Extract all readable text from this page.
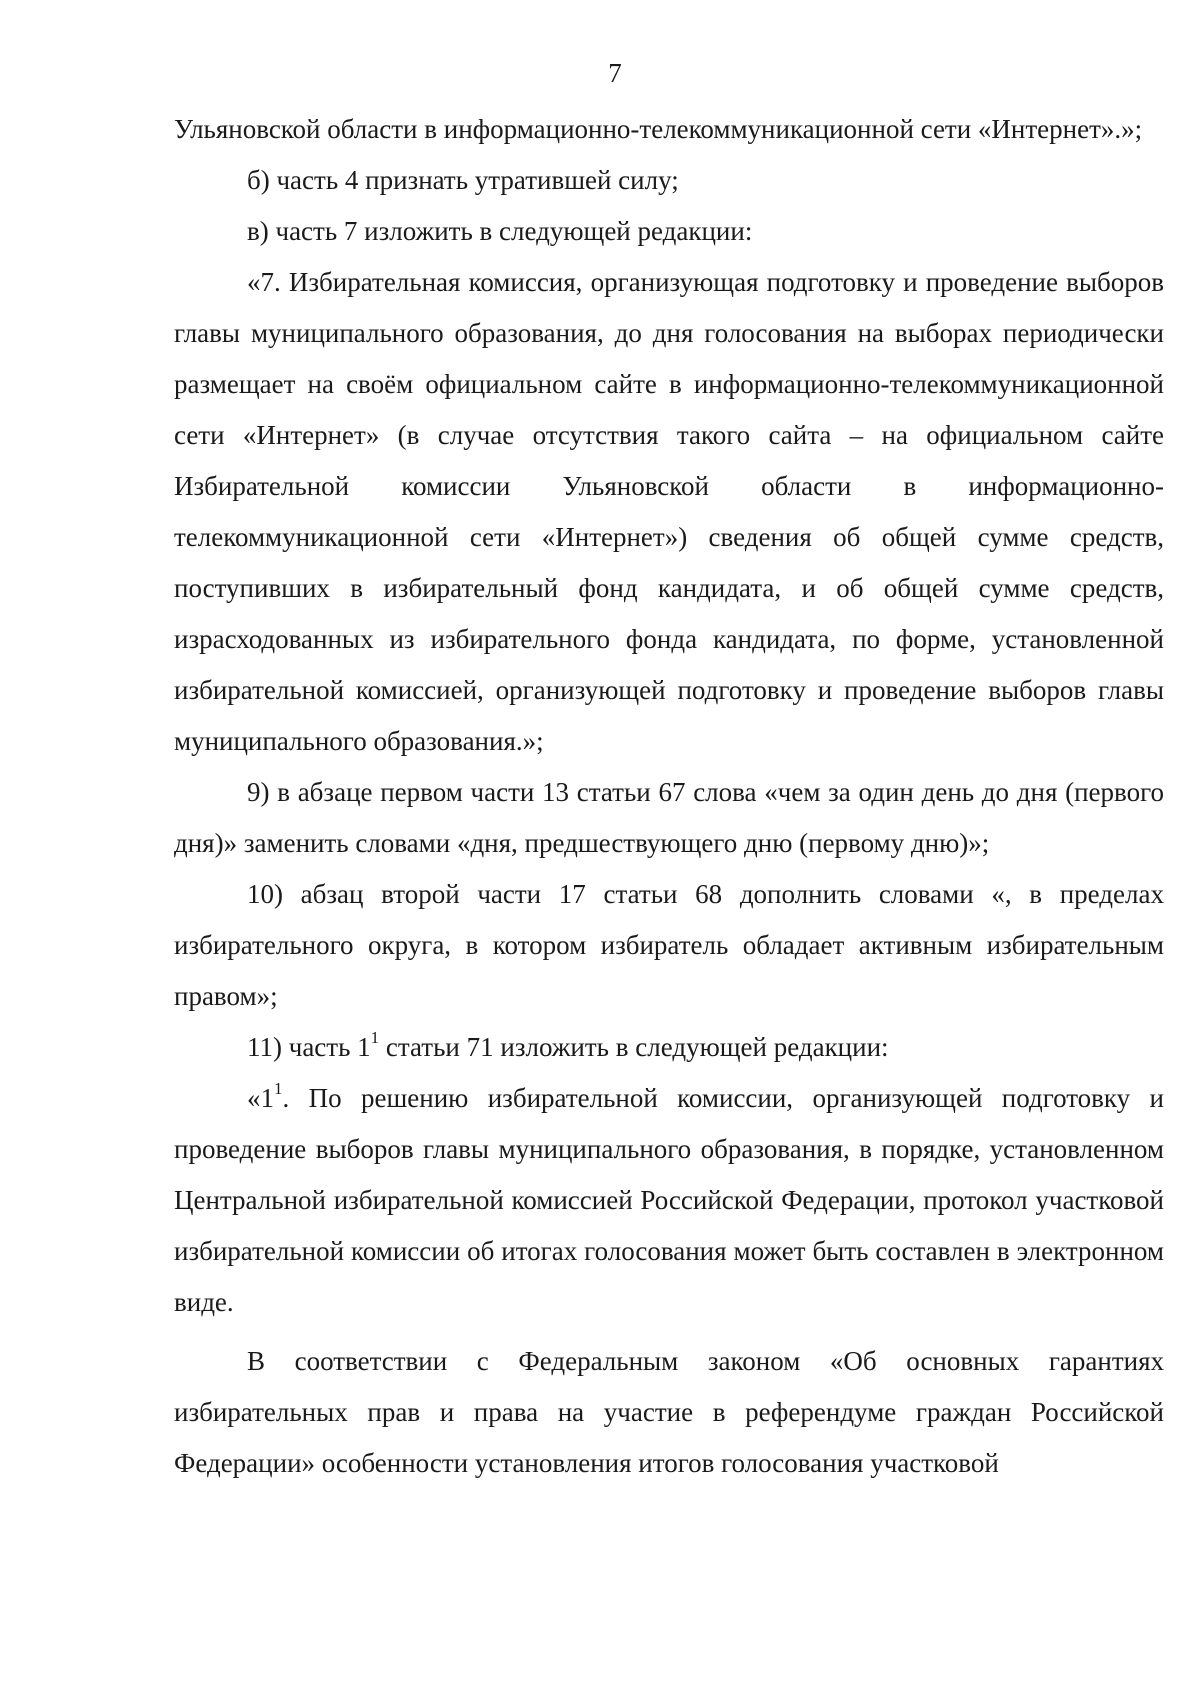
7

Ульяновской области в информационно-телекоммуникационной сети «Интернет».»;

б) часть 4 признать утратившей силу;

в) часть 7 изложить в следующей редакции:

«7. Избирательная комиссия, организующая подготовку и проведение выборов главы муниципального образования, до дня голосования на выборах периодически размещает на своём официальном сайте в информационно-телекоммуникационной сети «Интернет» (в случае отсутствия такого сайта – на официальном сайте Избирательной комиссии Ульяновской области в информационно-телекоммуникационной сети «Интернет») сведения об общей сумме средств, поступивших в избирательный фонд кандидата, и об общей сумме средств, израсходованных из избирательного фонда кандидата, по форме, установленной избирательной комиссией, организующей подготовку и проведение выборов главы муниципального образования.»;

9) в абзаце первом части 13 статьи 67 слова «чем за один день до дня (первого дня)» заменить словами «дня, предшествующего дню (первому дню)»;

10) абзац второй части 17 статьи 68 дополнить словами «, в пределах избирательного округа, в котором избиратель обладает активным избирательным правом»;

11) часть $1^1$ статьи 71 изложить в следующей редакции:

«$1^1$. По решению избирательной комиссии, организующей подготовку и проведение выборов главы муниципального образования, в порядке, установленном Центральной избирательной комиссией Российской Федерации, протокол участковой избирательной комиссии об итогах голосования может быть составлен в электронном виде.

В соответствии с Федеральным законом «Об основных гарантиях избирательных прав и права на участие в референдуме граждан Российской Федерации» особенности установления итогов голосования участковой
